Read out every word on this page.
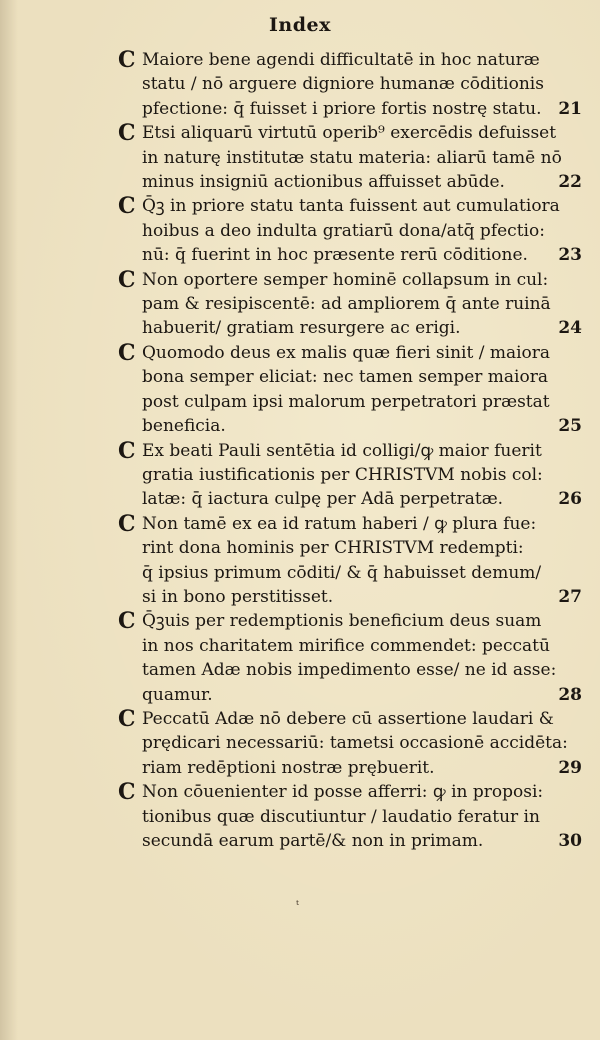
Index
C Maiore bene agendi difficultatē in hoc naturæ
statu / nō arguere digniore humanæ cōditionis
pfectione: q̄ fuisset i priore fortis nostrę statu. 21
C Etsi aliquarū virtutū operib⁹ exercēdis defuisset
in naturę institutæ statu materia: aliarū tamē nō
minus insigniū actionibus affuisset abūde.	22
C Q̄ꝫ in priore statu tanta fuissent aut cumulatiora
hoibus a deo indulta gratiarū dona/atq̄ pfectio:
nū: q̄ fuerint in hoc præsente rerū cōditione. 23
C Non oportere semper hominē collapsum in cul:
pam & resipiscentē: ad ampliorem q̄ ante ruinā
habuerit/ gratiam resurgere ac erigi.	24
C Quomodo deus ex malis quæ fieri sinit / maiora
bona semper eliciat: nec tamen semper maiora
post culpam ipsi malorum perpetratori præstat
beneficia.	25
C Ex beati Pauli sentētia id colligi/ꝙ maior fuerit
gratia iustificationis per CHRISTVM nobis col:
latæ: q̄ iactura culpę per Adā perpetratæ.	26
C Non tamē ex ea id ratum haberi / ꝙ plura fue:
rint dona hominis per CHRISTVM redempti:
q̄ ipsius primum cōditi/ & q̄ habuisset demum/
si in bono perstitisset.	27
C Q̄ꝫuis per redemptionis beneficium deus suam
in nos charitatem mirifice commendet: peccatū
tamen Adæ nobis impedimento esse/ ne id asse:
quamur.	28
C Peccatū Adæ nō debere cū assertione laudari &
prędicari necessariū: tametsi occasionē accidēta:
riam redēptioni nostræ prębuerit.	29
C Non cōuenienter id posse afferri: ꝙ in proposi:
tionibus quæ discutiuntur / laudatio feratur in
secundā earum partē/& non in primam.	30
ᵗ
